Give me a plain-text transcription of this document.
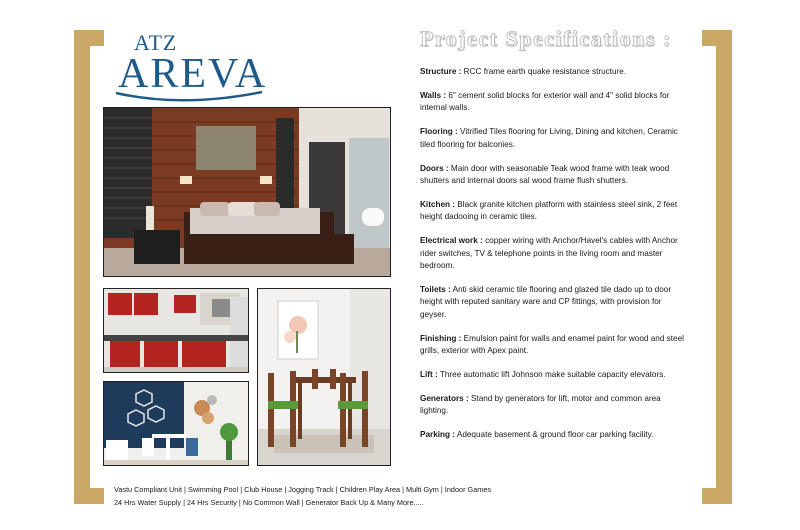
ATZ
AREVA
Project Specifications :

Structure : RCC frame earth quake resistance structure.

Walls : 6" cement solid blocks for exterior wall and 4" solid blocks for internal walls.

Flooring : Vitrified Tiles flooring for Living, Dining and kitchen, Ceramic tiled flooring for balconies.

Doors : Main door with seasonable Teak wood frame with teak wood shutters and internal doors sal wood frame flush shutters.

Kitchen : Black granite kitchen platform with stainless steel sink, 2 feet height dadooing in ceramic tiles.

Electrical work : copper wiring with Anchor/Havel's cables with Anchor rider switches, TV & telephone points in the living room and master bedroom.

Toilets : Anti skid ceramic tile flooring and glazed tile dado up to door height with reputed sanitary ware and CP fittings, with provision for geyser.

Finishing : Emulsion paint for walls and enamel paint for wood and steel grills, exterior with Apex paint.

Lift : Three automatic lift Johnson make suitable capacity elevators.

Generators : Stand by generators for lift, motor and common area lighting.

Parking : Adequate basement & ground floor car parking facility.

Vastu Compliant Unit | Swimming Pool | Club House | Jogging Track | Children Play Area | Multi Gym | Indoor Games
24 Hrs Water Supply | 24 Hrs Security | No Common Wall | Generator Back Up & Many More.....
